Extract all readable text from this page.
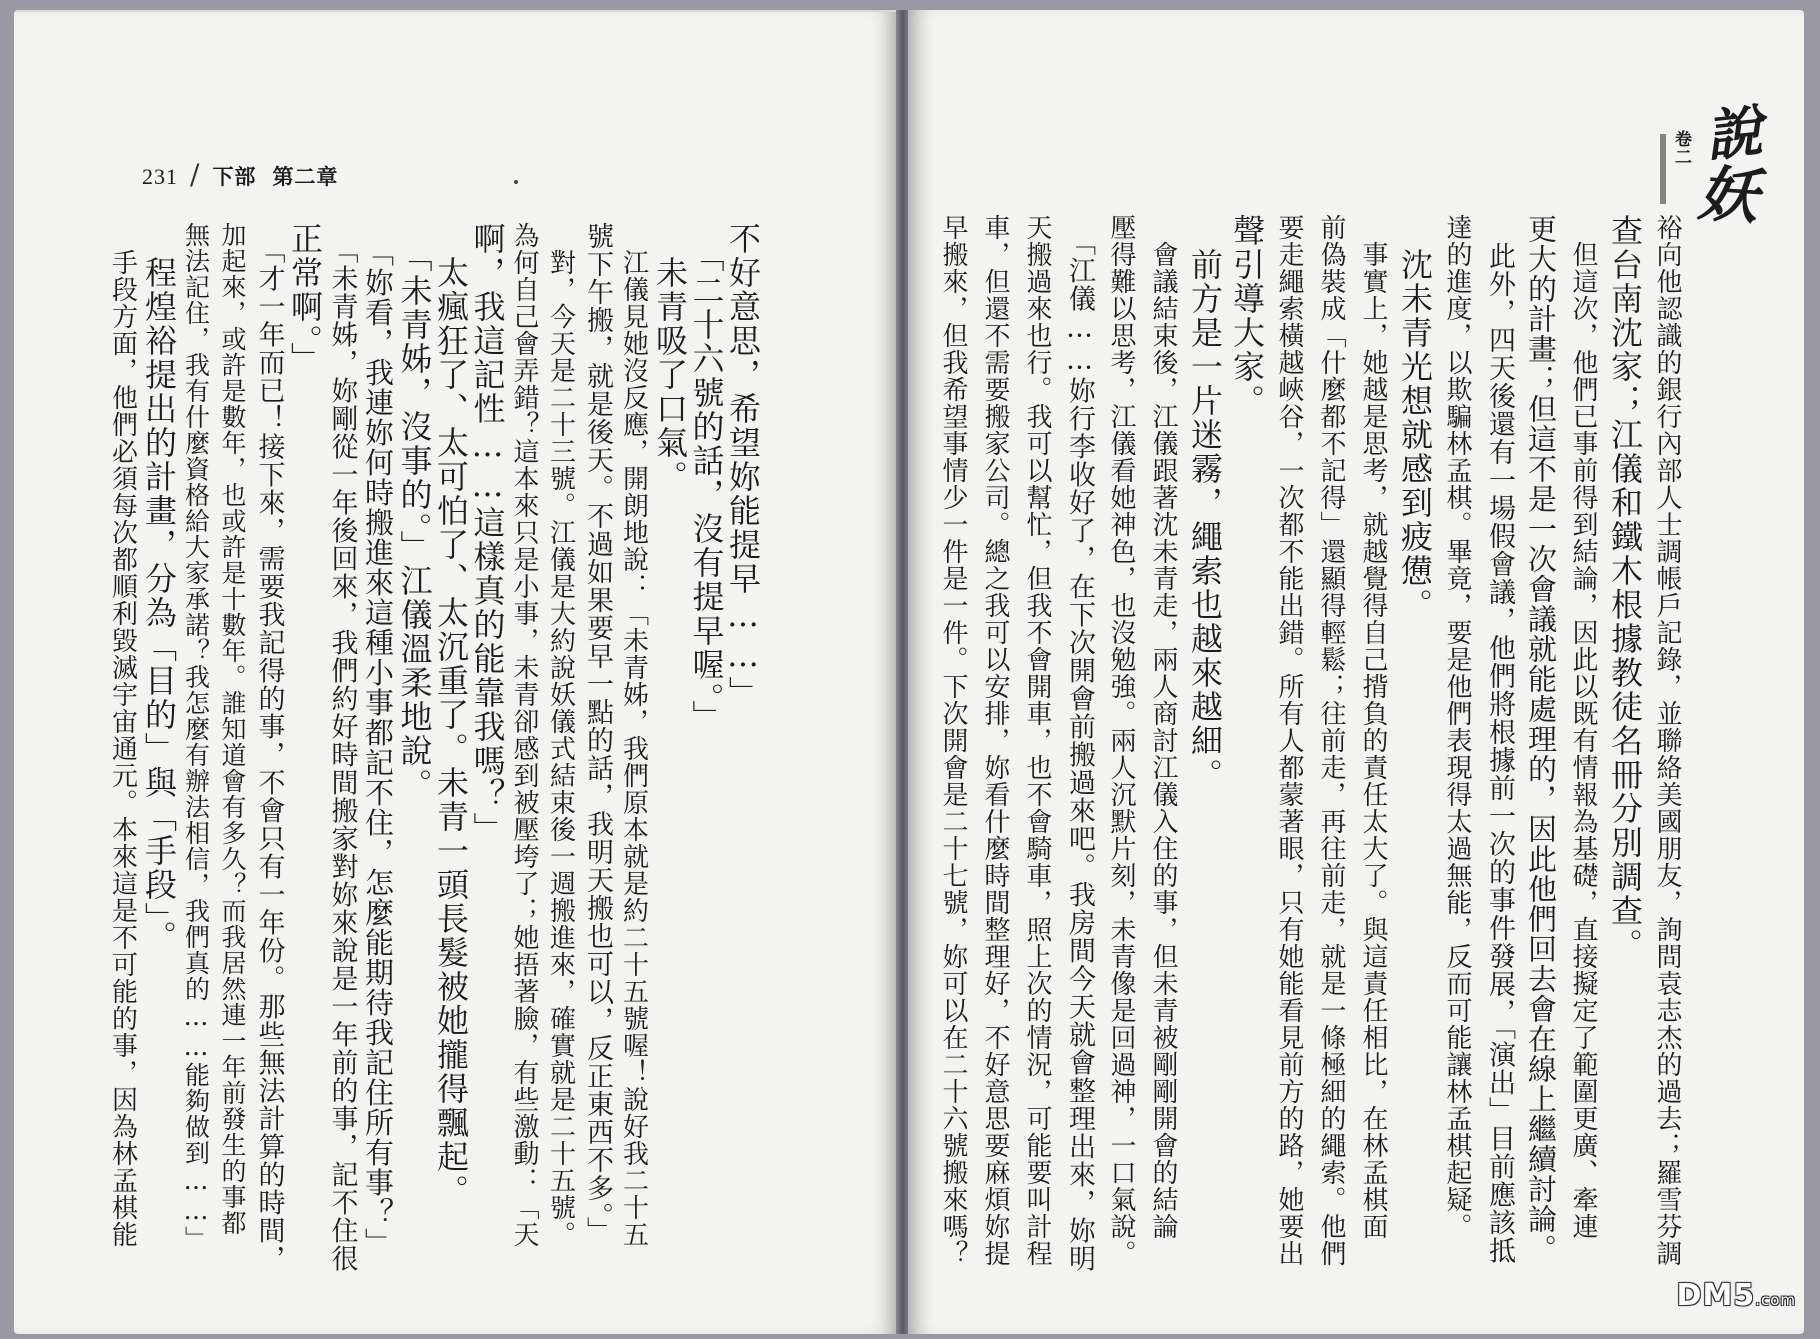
231 / 下部 第二章
不好意思，希望妳能提早……」
　「二十六號的話，沒有提早喔。」
　未青吸了口氣。
　江儀見她沒反應，開朗地說：「未青姊，我們原本就是約二十五號喔！說好我二十五
號下午搬，就是後天。不過如果要早一點的話，我明天搬也可以，反正東西不多。」
　對，今天是二十三號。江儀是大約說妖儀式結束後一週搬進來，確實就是二十五號。
為何自己會弄錯？這本來只是小事，未青卻感到被壓垮了；她捂著臉，有些激動：「天
啊，我這記性……這樣真的能靠我嗎？」
　太瘋狂了、太可怕了、太沉重了。未青一頭長髮被她攏得飄起。
　「未青姊，沒事的。」江儀溫柔地說。
　「妳看，我連妳何時搬進來這種小事都記不住，怎麼能期待我記住所有事？」
　「未青姊，妳剛從一年後回來，我們約好時間搬家對妳來說是一年前的事，記不住很
正常啊。」
　「才一年而已！接下來，需要我記得的事，不會只有一年份。那些無法計算的時間，
加起來，或許是數年，也或許是十數年。誰知道會有多久？而我居然連一年前發生的事都
無法記住，我有什麼資格給大家承諾？我怎麼有辦法相信，我們真的……能夠做到……」
　程煌裕提出的計畫，分為「目的」與「手段」。
　手段方面，他們必須每次都順利毀滅宇宙通元。本來這是不可能的事，因為林孟棋能
說
妖
卷二
裕向他認識的銀行內部人士調帳戶記錄，並聯絡美國朋友，詢問袁志杰的過去；羅雪芬調
查台南沈家；江儀和鐵木根據教徒名冊分別調查。
　但這次，他們已事前得到結論，因此以既有情報為基礎，直接擬定了範圍更廣、牽連
更大的計畫；但這不是一次會議就能處理的，因此他們回去會在線上繼續討論。
　此外，四天後還有一場假會議，他們將根據前一次的事件發展，「演出」目前應該抵
達的進度，以欺騙林孟棋。畢竟，要是他們表現得太過無能，反而可能讓林孟棋起疑。
　沈未青光想就感到疲憊。
　事實上，她越是思考，就越覺得自己揹負的責任太大了。與這責任相比，在林孟棋面
前偽裝成「什麼都不記得」還顯得輕鬆；往前走，再往前走，就是一條極細的繩索。他們
要走繩索橫越峽谷，一次都不能出錯。所有人都蒙著眼，只有她能看見前方的路，她要出
聲引導大家。
　前方是一片迷霧，繩索也越來越細。
　會議結束後，江儀跟著沈未青走，兩人商討江儀入住的事，但未青被剛剛開會的結論
壓得難以思考，江儀看她神色，也沒勉強。兩人沉默片刻，未青像是回過神，一口氣說。
　「江儀……妳行李收好了，在下次開會前搬過來吧。我房間今天就會整理出來，妳明
天搬過來也行。我可以幫忙，但我不會開車，也不會騎車，照上次的情況，可能要叫計程
車，但還不需要搬家公司。總之我可以安排，妳看什麼時間整理好，不好意思要麻煩妳提
早搬來，但我希望事情少一件是一件。下次開會是二十七號，妳可以在二十六號搬來嗎？
DM5.com
